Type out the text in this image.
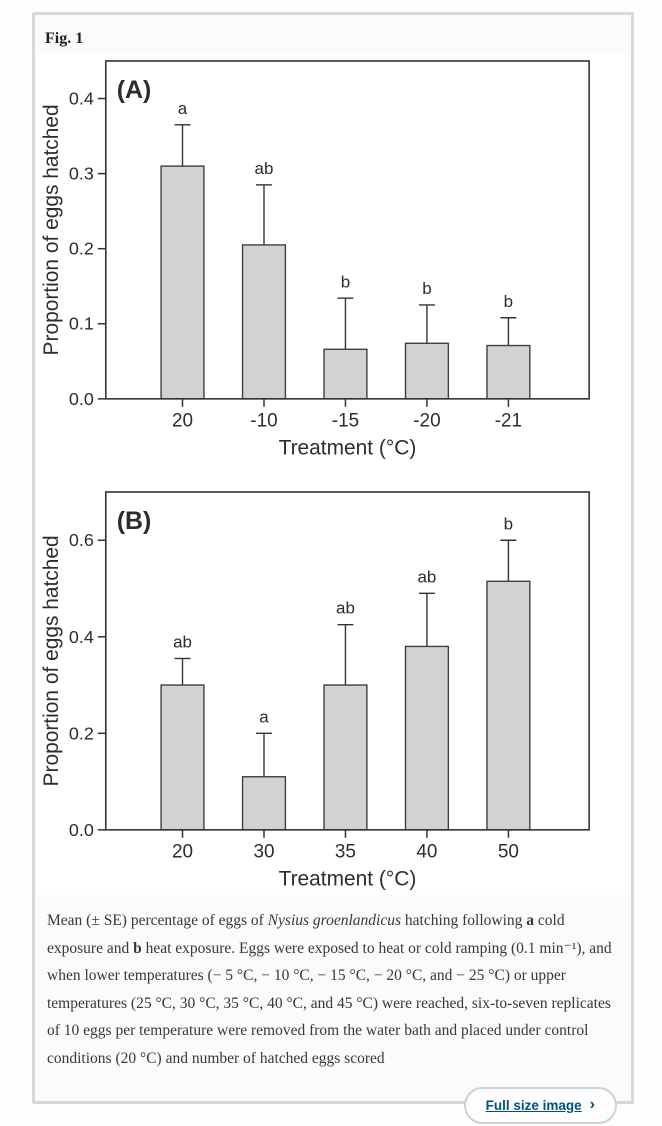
Fig. 1
a
20
ab
-10
b
-15
b
-20
b
-21
0.0
0.1
0.2
0.3
0.4 (A)
Treatment (°C)
Proportion of eggs hatched
ab
20
a
30
ab
35
ab
40
b
50
0.0
0.2
0.4
0.6
(B)
Treatment (°C)
Proportion of eggs hatched
Mean (± SE) percentage of eggs of Nysius groenlandicus hatching following a cold exposure and b heat exposure. Eggs were exposed to heat or cold ramping (0.1 min⁻¹), and when lower temperatures (− 5 °C, − 10 °C, − 15 °C, − 20 °C, and − 25 °C) or upper temperatures (25 °C, 30 °C, 35 °C, 40 °C, and 45 °C) were reached, six-to-seven replicates of 10 eggs per temperature were removed from the water bath and placed under control conditions (20 °C) and number of hatched eggs scored
Full size image ›
